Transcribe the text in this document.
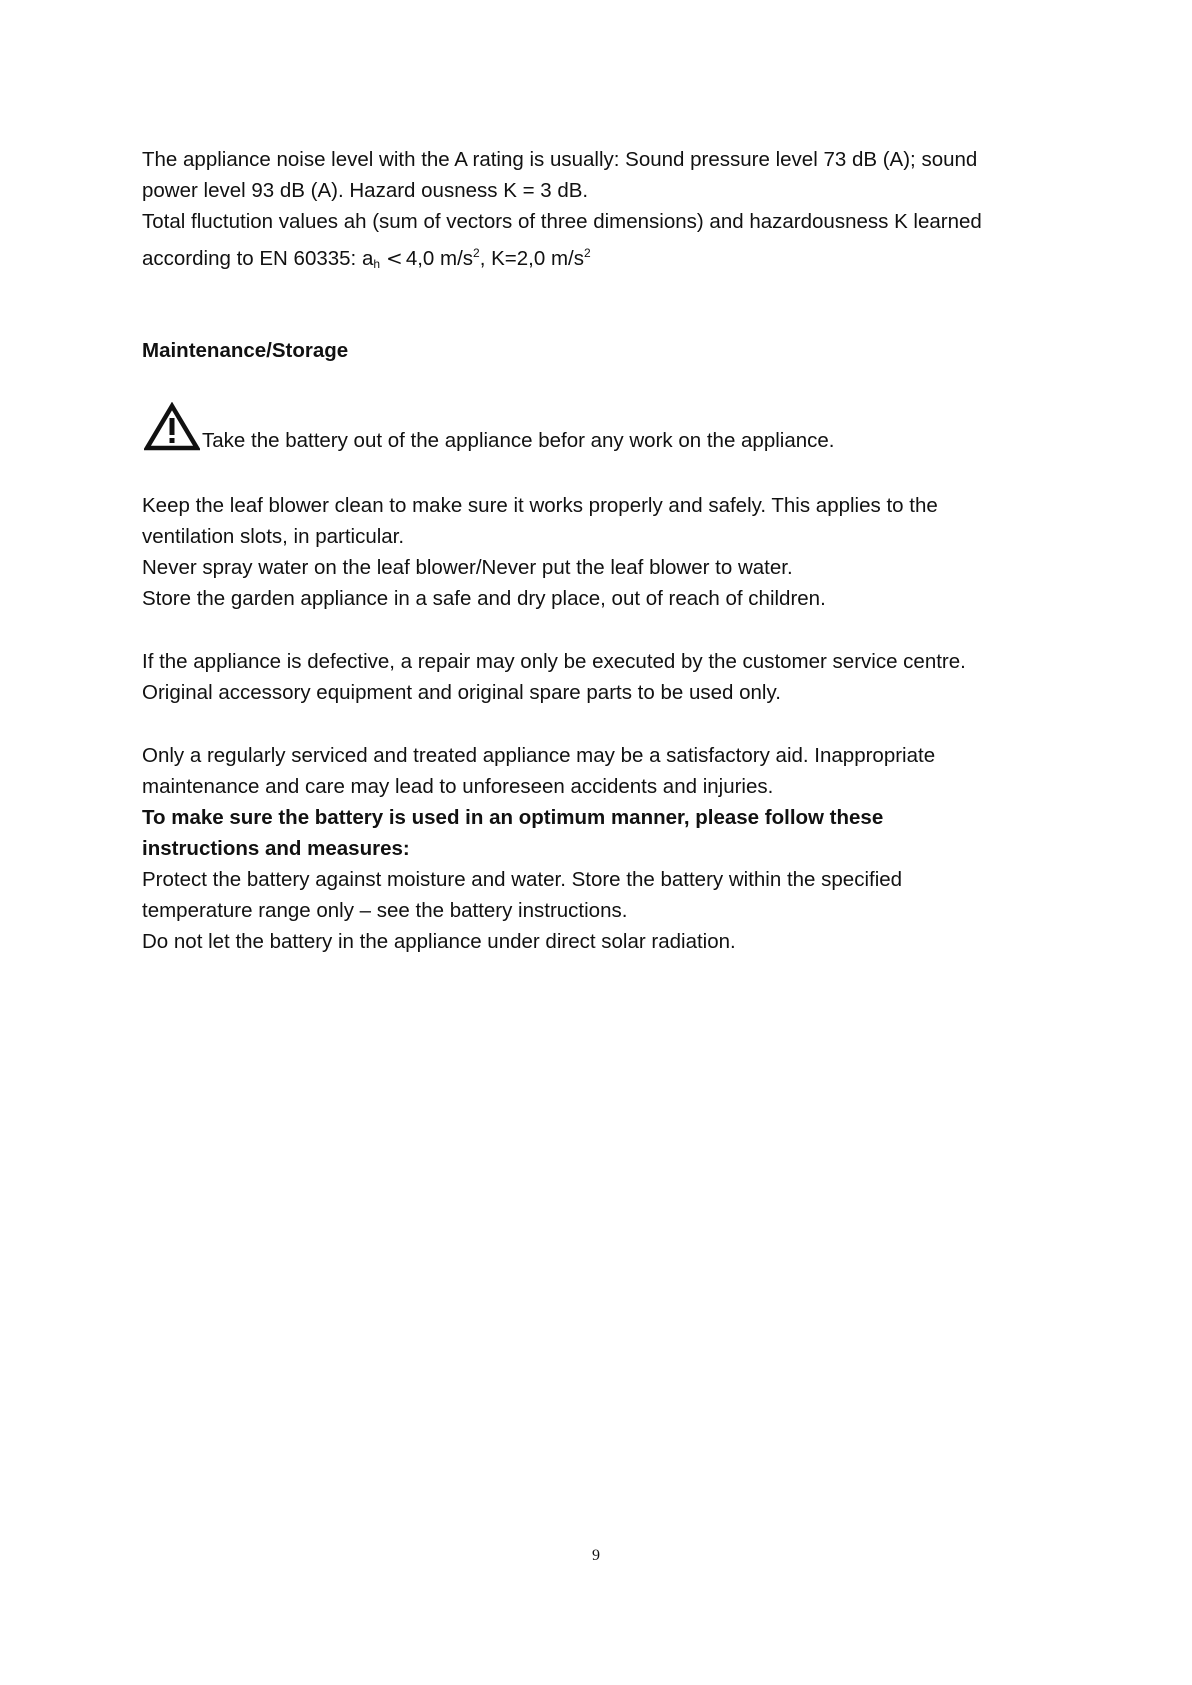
The appliance noise level with the A rating is usually: Sound pressure level 73 dB (A); sound
power level 93 dB (A). Hazard ousness K = 3 dB.
Total fluctution values ah (sum of vectors of three dimensions) and hazardousness K learned
according to EN 60335: $a_h < 4,0$ $m/s^2$, K=2,0 $m/s^2$
Maintenance/Storage
Take the battery out of the appliance befor any work on the appliance.
Keep the leaf blower clean to make sure it works properly and safely. This applies to the
ventilation slots, in particular.
Never spray water on the leaf blower/Never put the leaf blower to water.
Store the garden appliance in a safe and dry place, out of reach of children.
If the appliance is defective, a repair may only be executed by the customer service centre.
Original accessory equipment and original spare parts to be used only.
Only a regularly serviced and treated appliance may be a satisfactory aid. Inappropriate
maintenance and care may lead to unforeseen accidents and injuries.
To make sure the battery is used in an optimum manner, please follow these
instructions and measures:
Protect the battery against moisture and water. Store the battery within the specified
temperature range only – see the battery instructions.
Do not let the battery in the appliance under direct solar radiation.
9
